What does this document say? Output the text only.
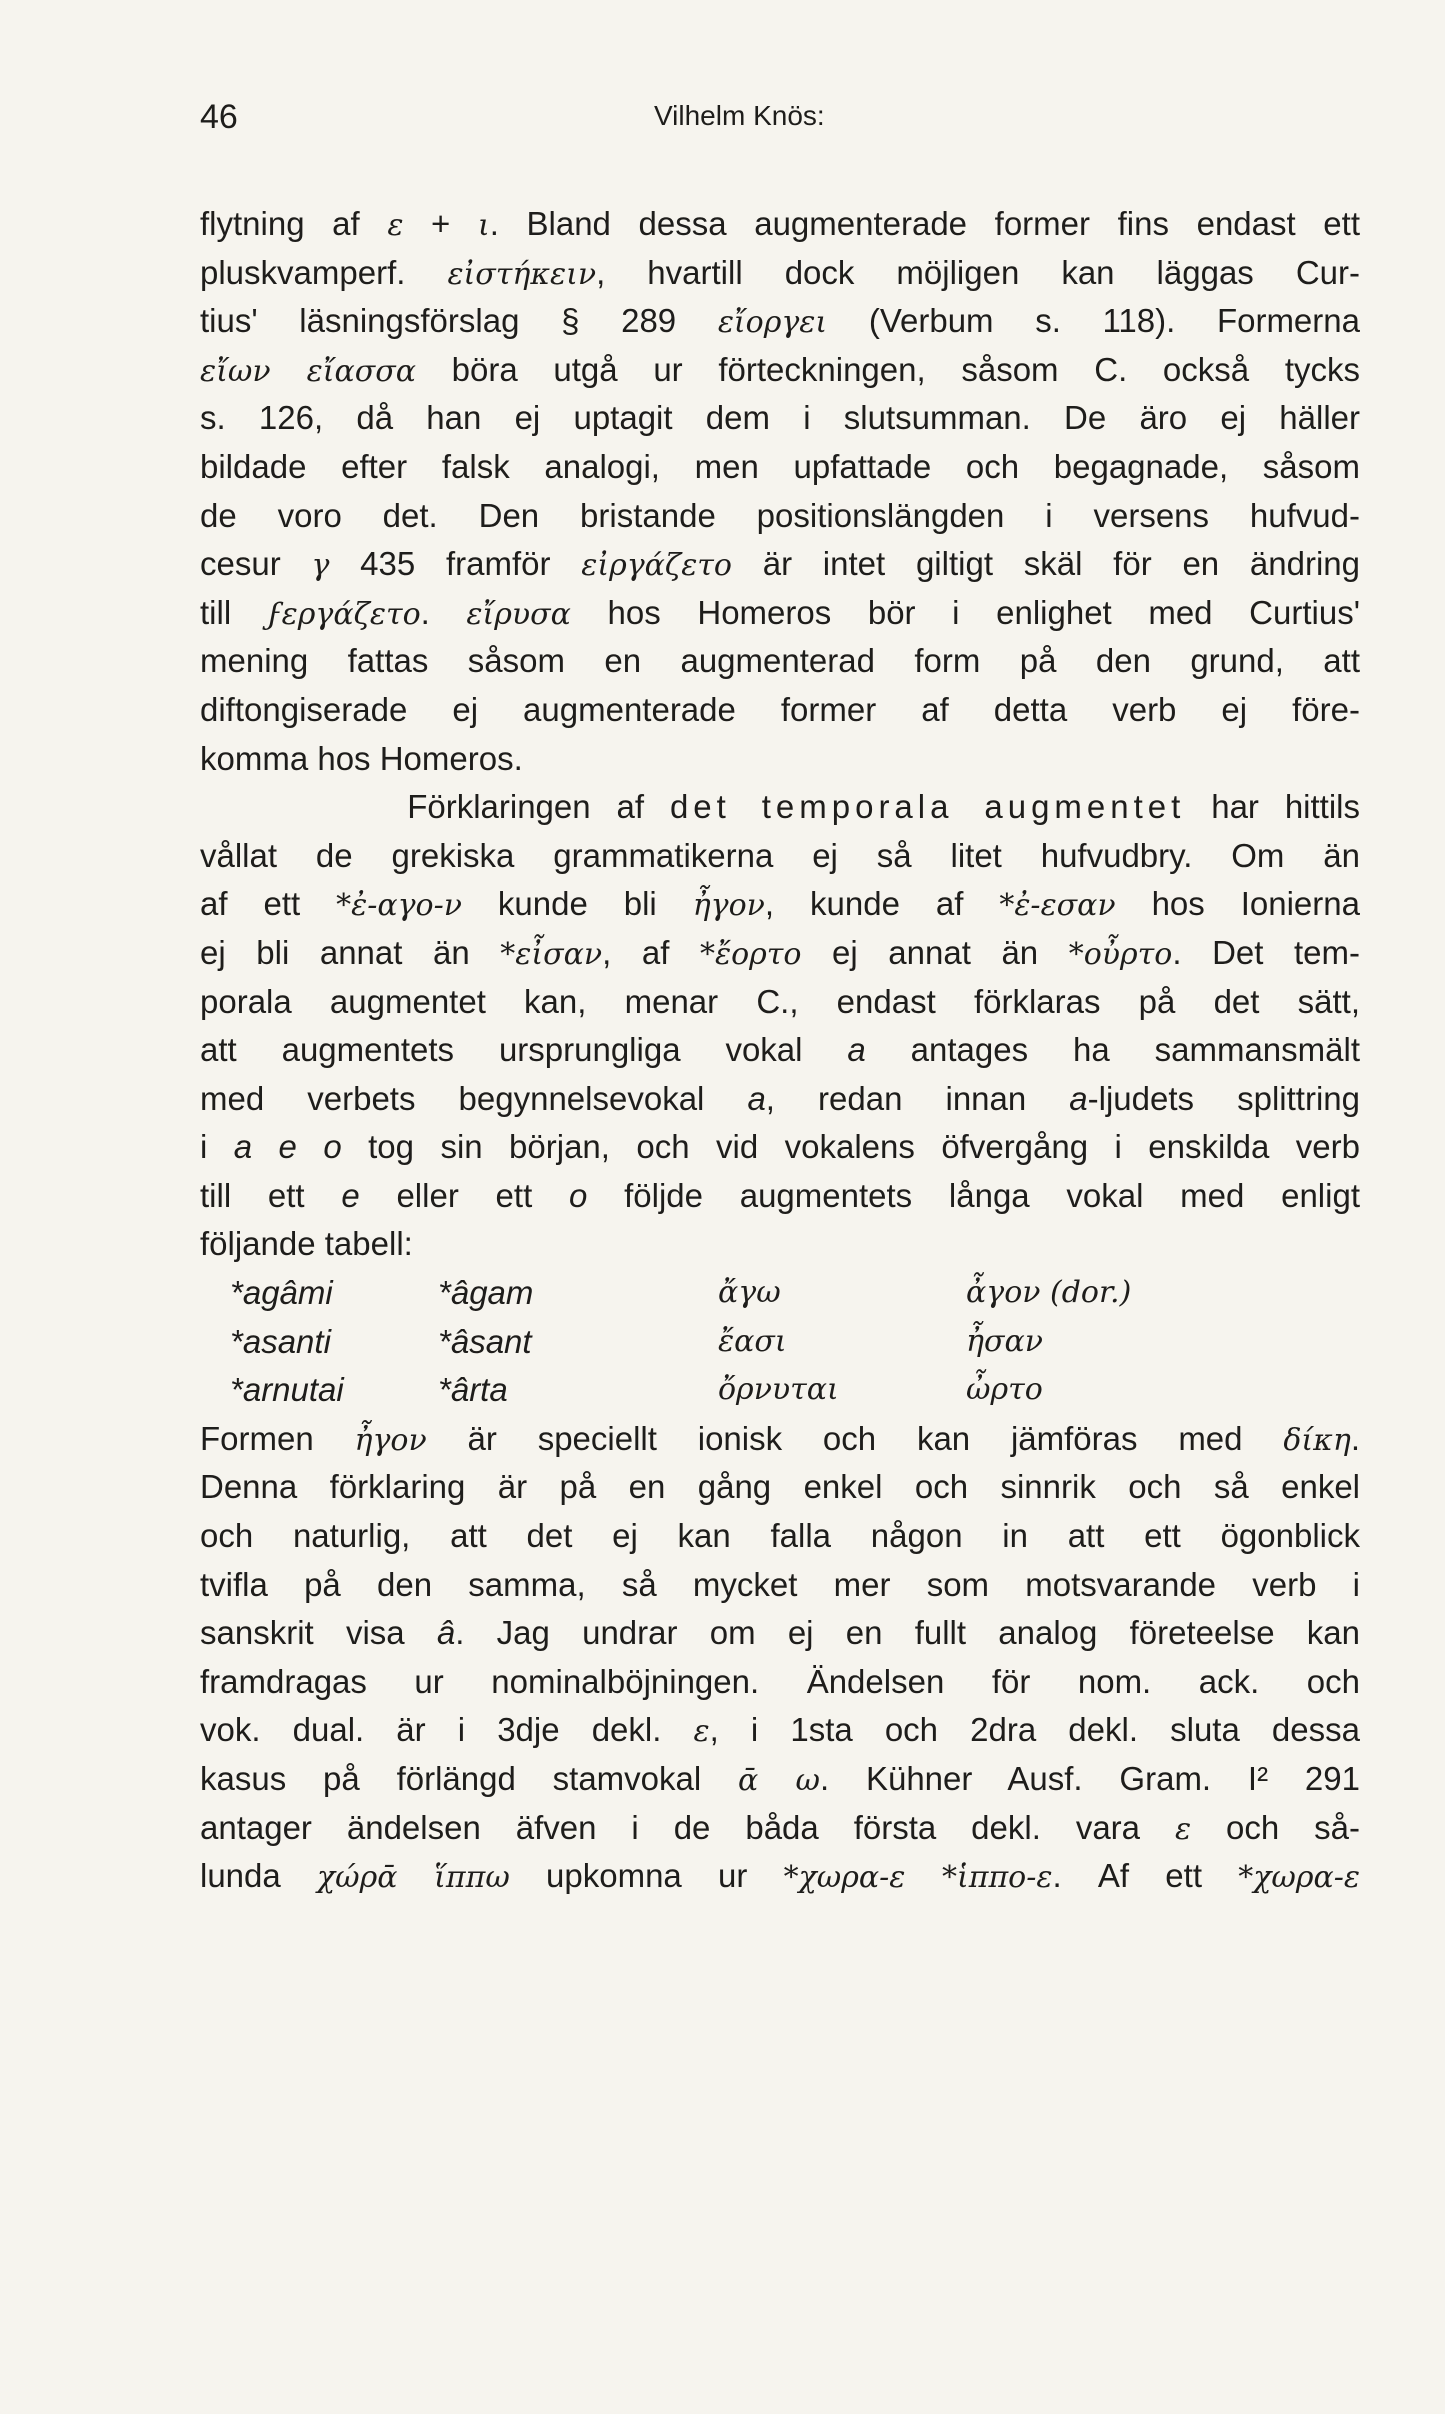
46	Vilhelm Knös:
flytning af ε + ι. Bland dessa augmenterade former fins endast ett
pluskvamperf. εἰστήκειν, hvartill dock möjligen kan läggas Cur-
tius' läsningsförslag § 289 εἴοργει (Verbum s. 118). Formerna
εἴων εἴασσα böra utgå ur förteckningen, såsom C. också tycks
s. 126, då han ej uptagit dem i slutsumman. De äro ej häller
bildade efter falsk analogi, men upfattade och begagnade, såsom
de voro det. Den bristande positionslängden i versens hufvud-
cesur γ 435 framför εἰργάζετο är intet giltigt skäl för en ändring
till ϝεργάζετο. εἴρυσα hos Homeros bör i enlighet med Curtius'
mening fattas såsom en augmenterad form på den grund, att
diftongiserade ej augmenterade former af detta verb ej före-
komma hos Homeros.
Förklaringen af det temporala augmentet har hittils
vållat de grekiska grammatikerna ej så litet hufvudbry. Om än
af ett *ἐ-αγο-ν kunde bli ἦγον, kunde af *ἐ-εσαν hos Ionierna
ej bli annat än *εἶσαν, af *ἔορτο ej annat än *οὖρτο. Det tem-
porala augmentet kan, menar C., endast förklaras på det sätt,
att augmentets ursprungliga vokal a antages ha sammansmält
med verbets begynnelsevokal a, redan innan a-ljudets splittring
i a e o tog sin början, och vid vokalens öfvergång i enskilda verb
till ett e eller ett o följde augmentets långa vokal med enligt
följande tabell:
*agâmi	*âgam	ἄγω	ἆγον (dor.)
*asanti	*âsant	ἔασι	ἦσαν
*arnutai	*ârta	ὄρνυται	ὦρτο
Formen ἦγον är speciellt ionisk och kan jämföras med δίκη.
Denna förklaring är på en gång enkel och sinnrik och så enkel
och naturlig, att det ej kan falla någon in att ett ögonblick
tvifla på den samma, så mycket mer som motsvarande verb i
sanskrit visa â. Jag undrar om ej en fullt analog företeelse kan
framdragas ur nominalböjningen. Ändelsen för nom. ack. och
vok. dual. är i 3dje dekl. ε, i 1sta och 2dra dekl. sluta dessa
kasus på förlängd stamvokal ᾱ ω. Kühner Ausf. Gram. I² 291
antager ändelsen äfven i de båda första dekl. vara ε och så-
lunda χώρᾱ ἵππω upkomna ur *χωρα-ε *ἱππο-ε. Af ett *χωρα-ε
